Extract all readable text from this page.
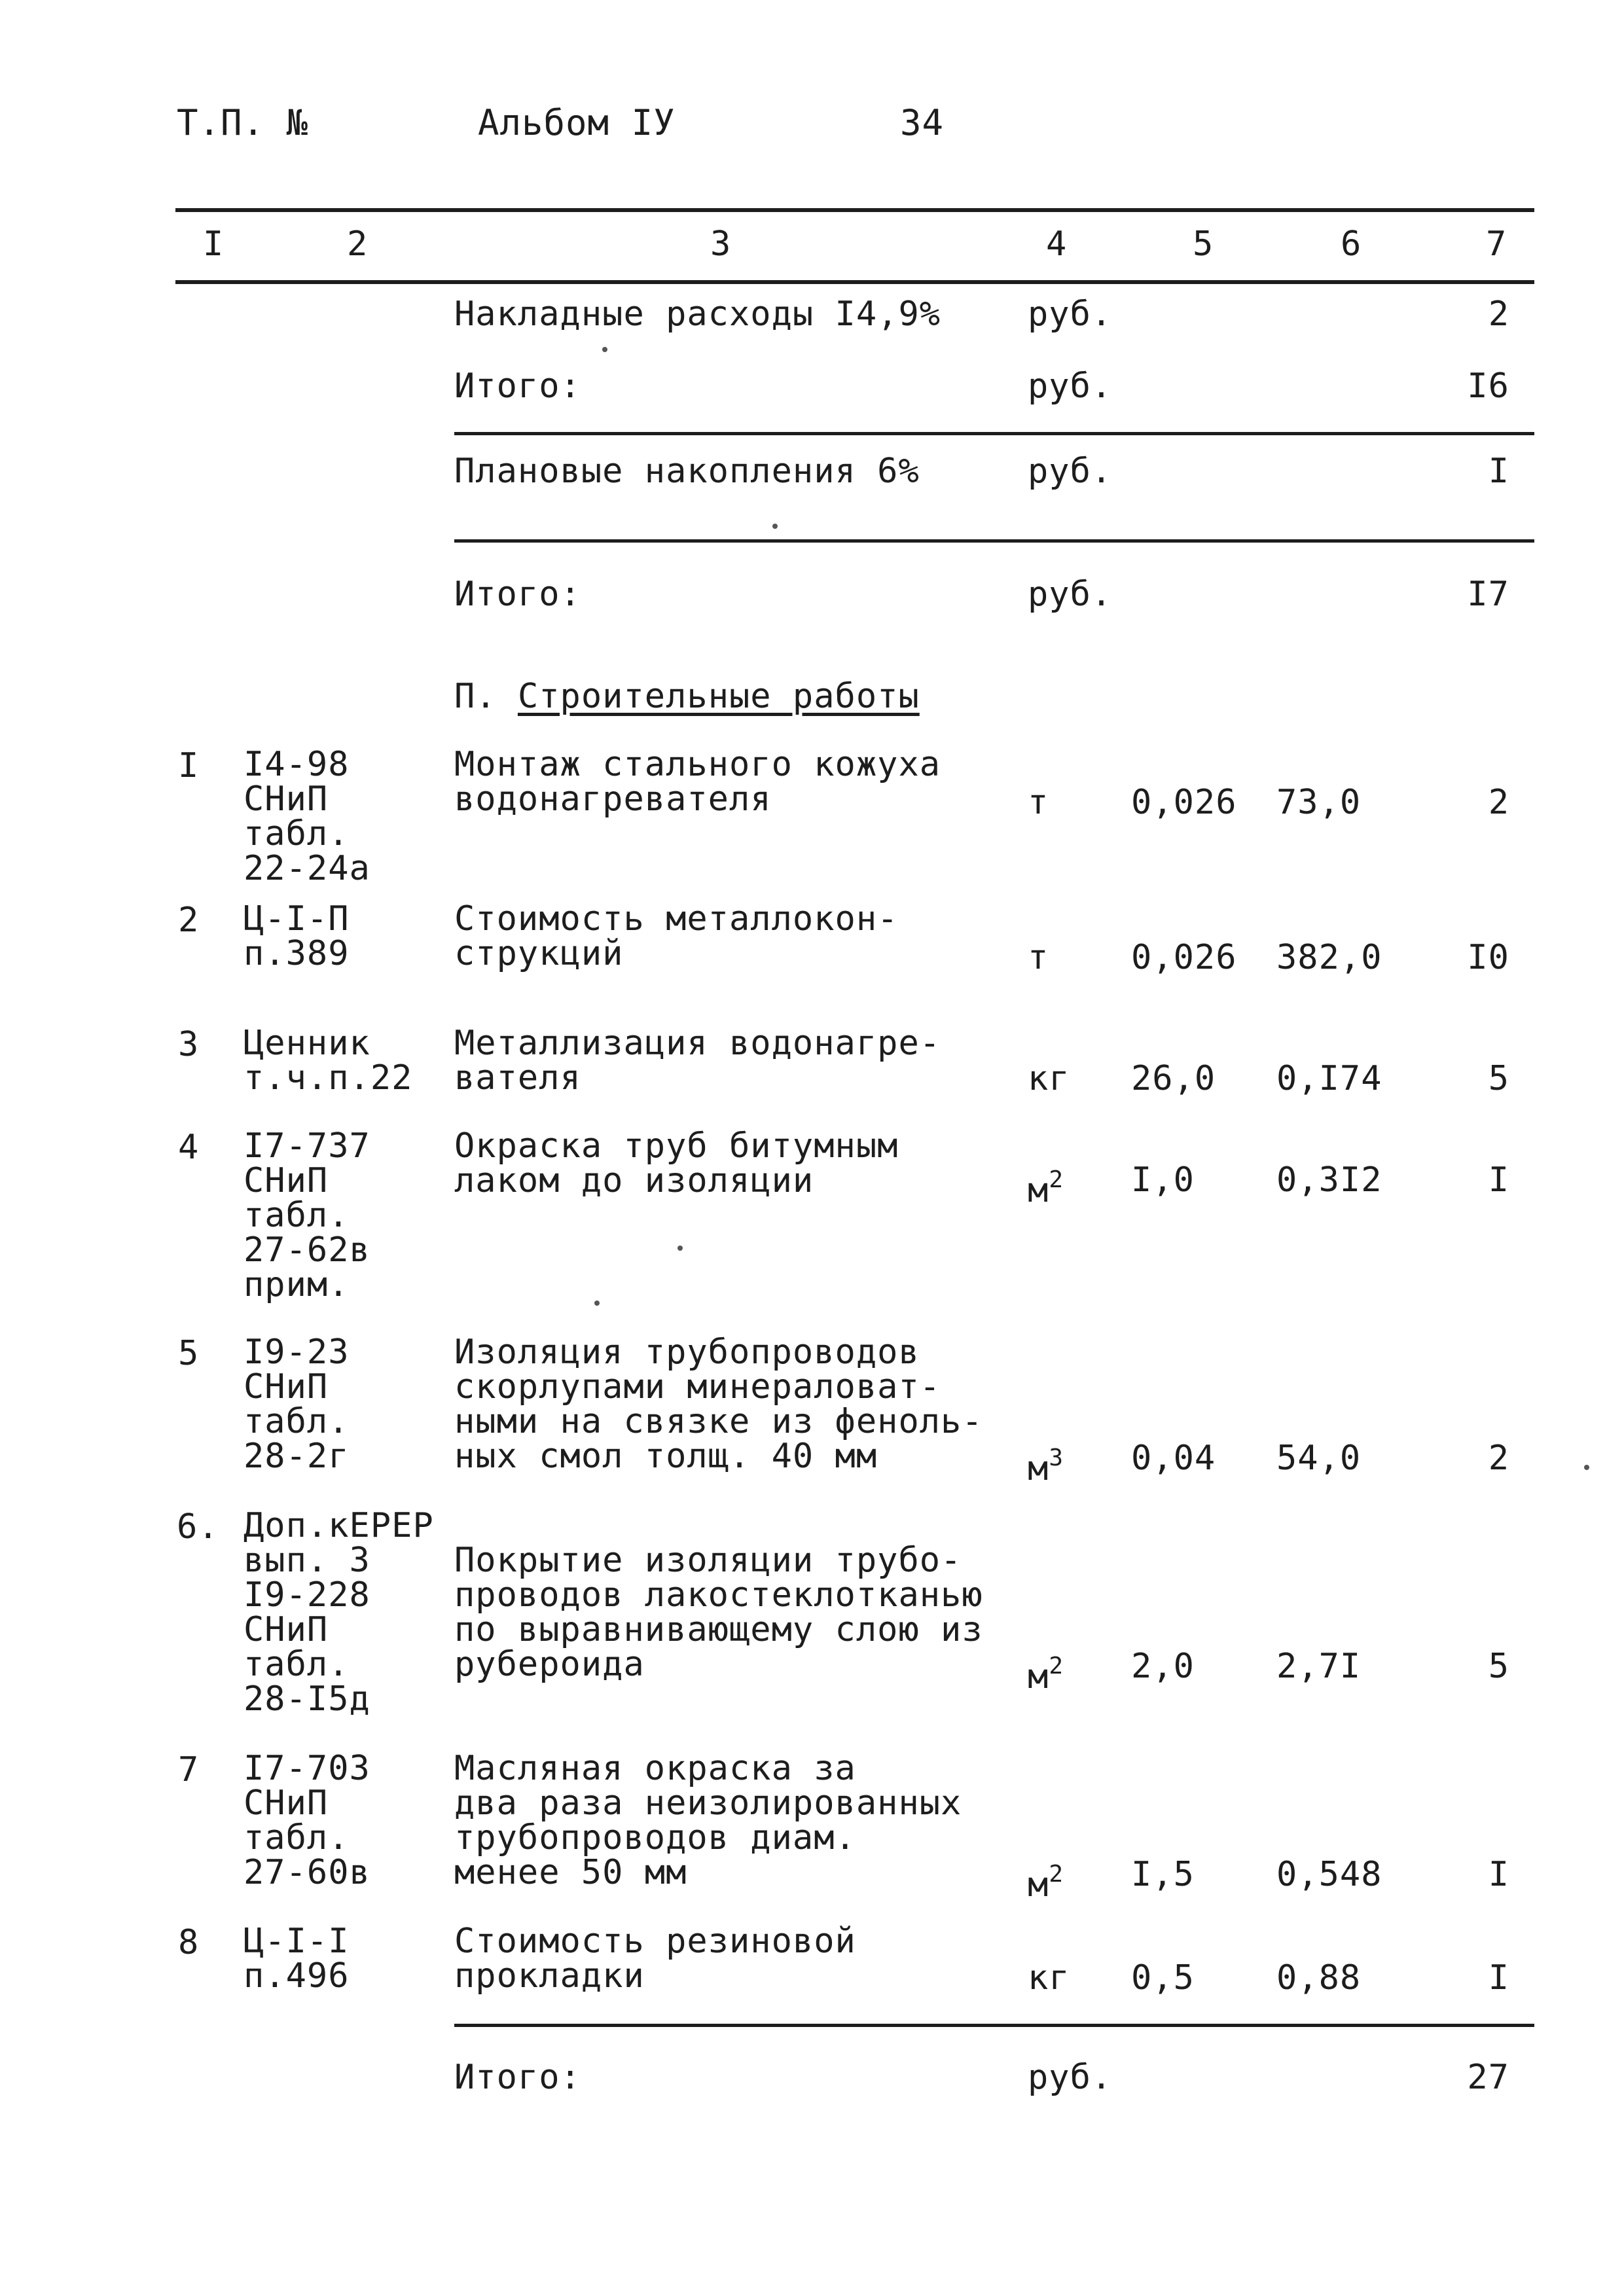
Т.П. №	Альбом IУ	34
I	2	3	4	5	6	7
Накладные расходы I4,9%	руб.	2
Итого:	руб.	I6
Плановые накопления 6%	руб.	I
Итого:	руб.	I7
П. Строительные работы
I I4-98
СНиП
табл.
22-24а
Монтаж стального кожуха
водонагревателя	т 0,026 73,0	2
2 Ц-I-П
п.389
Стоимость металлокон-
струкций	т 0,026 382,0 I0
3 Ценник
т.ч.п.22
Металлизация водонагре-
вателя	кг 26,0 0,I74	5
4 I7-737
СНиП
табл.
27-62в
прим.
Окраска труб битумным
лаком до изоляции	$м^2$ I,0 0,3I2	I
5 I9-23
СНиП
табл.
28-2г
Изоляция трубопроводов
скорлупами минераловат-
ными на связке из феноль-
ных смол толщ. 40 мм	$м^3$ 0,04 54,0	2
6. Доп.кЕРЕР
вып. 3
I9-228
СНиП
табл.
28-I5д
Покрытие изоляции трубо-
проводов лакостеклотканью
по выравнивающему слою из
рубероида	$м^2$ 2,0 2,7I	5
7 I7-703
СНиП
табл.
27-60в
Масляная окраска за
два раза неизолированных
трубопроводов диам.
менее 50 мм	$м^2$ I,5 0,548	I
8 Ц-I-I
п.496
Стоимость резиновой
прокладки	кг 0,5 0,88	I
Итого:	руб.	27
